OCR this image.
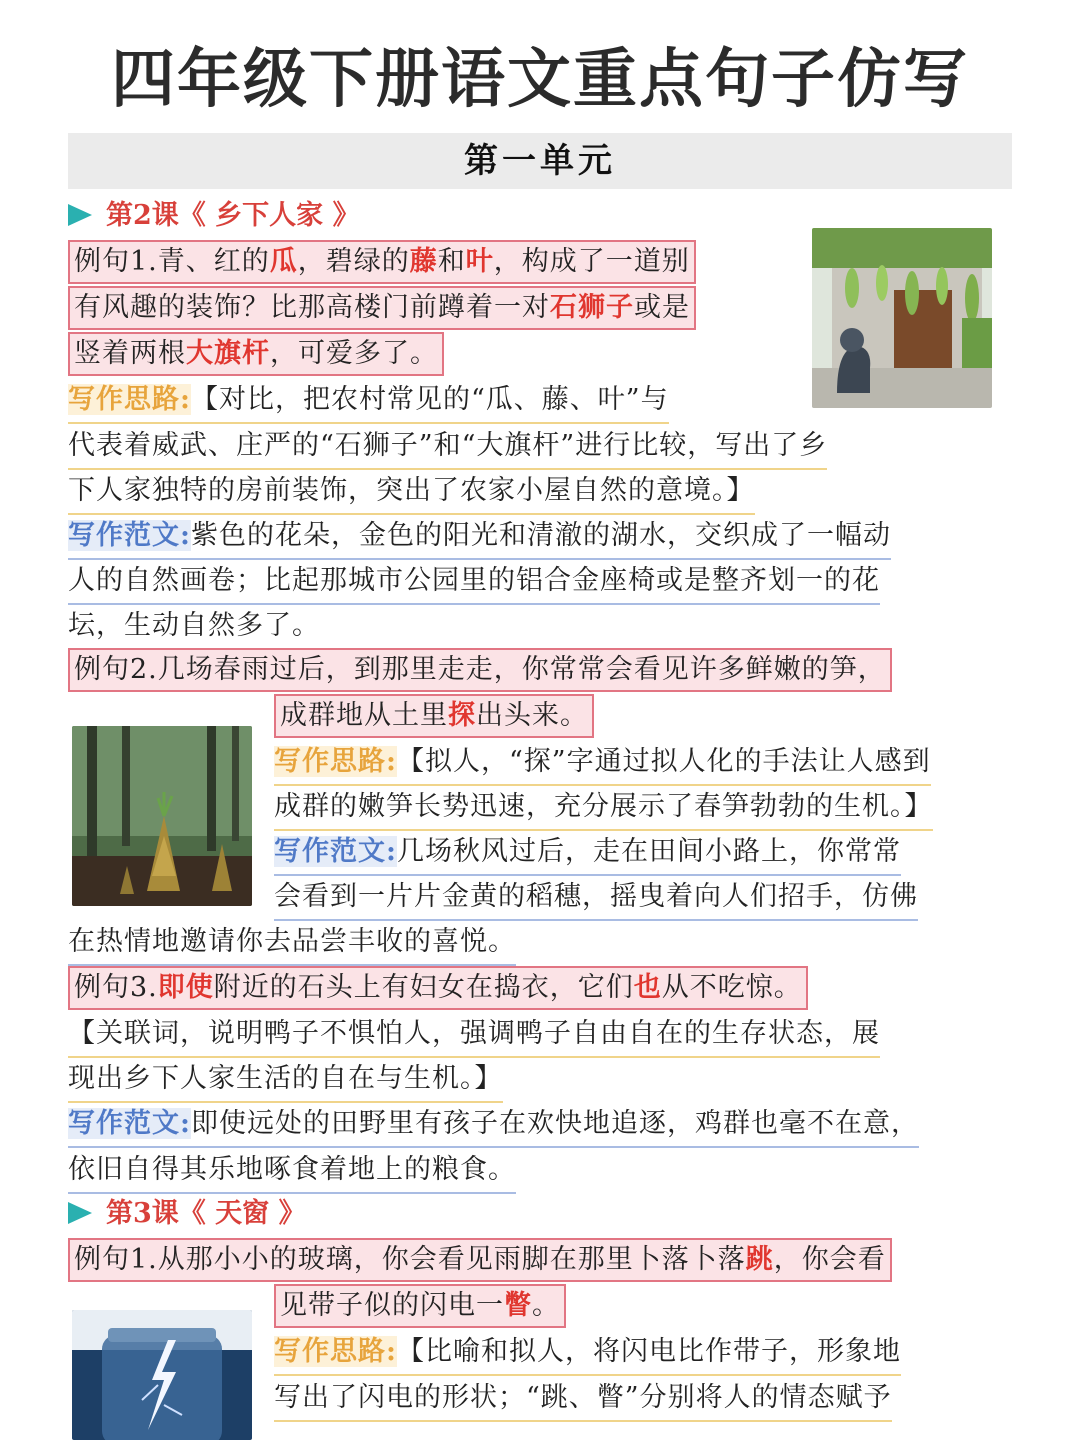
四年级下册语文重点句子仿写
第一单元
第2课《 乡下人家 》
例句1.青、红的瓜，碧绿的藤和叶，构成了一道别
有风趣的装饰？比那高楼门前蹲着一对石狮子或是
竖着两根大旗杆，可爱多了。
写作思路:【对比，把农村常见的“瓜、藤、叶”与
代表着威武、庄严的“石狮子”和“大旗杆”进行比较，写出了乡
下人家独特的房前装饰，突出了农家小屋自然的意境。】
写作范文:紫色的花朵，金色的阳光和清澈的湖水，交织成了一幅动
人的自然画卷；比起那城市公园里的铝合金座椅或是整齐划一的花
坛，生动自然多了。
例句2.几场春雨过后，到那里走走，你常常会看见许多鲜嫩的笋，
成群地从土里探出头来。
写作思路:【拟人，“探”字通过拟人化的手法让人感到
成群的嫩笋长势迅速，充分展示了春笋勃勃的生机。】
写作范文:几场秋风过后，走在田间小路上，你常常
会看到一片片金黄的稻穗，摇曳着向人们招手，仿佛
在热情地邀请你去品尝丰收的喜悦。
例句3.即使附近的石头上有妇女在捣衣，它们也从不吃惊。
【关联词，说明鸭子不惧怕人，强调鸭子自由自在的生存状态，展
现出乡下人家生活的自在与生机。】
写作范文:即使远处的田野里有孩子在欢快地追逐，鸡群也毫不在意，
依旧自得其乐地啄食着地上的粮食。
第3课《 天窗 》
例句1.从那小小的玻璃，你会看见雨脚在那里卜落卜落跳，你会看
见带子似的闪电一瞥。
写作思路:【比喻和拟人，将闪电比作带子，形象地
写出了闪电的形状；“跳、瞥”分别将人的情态赋予
